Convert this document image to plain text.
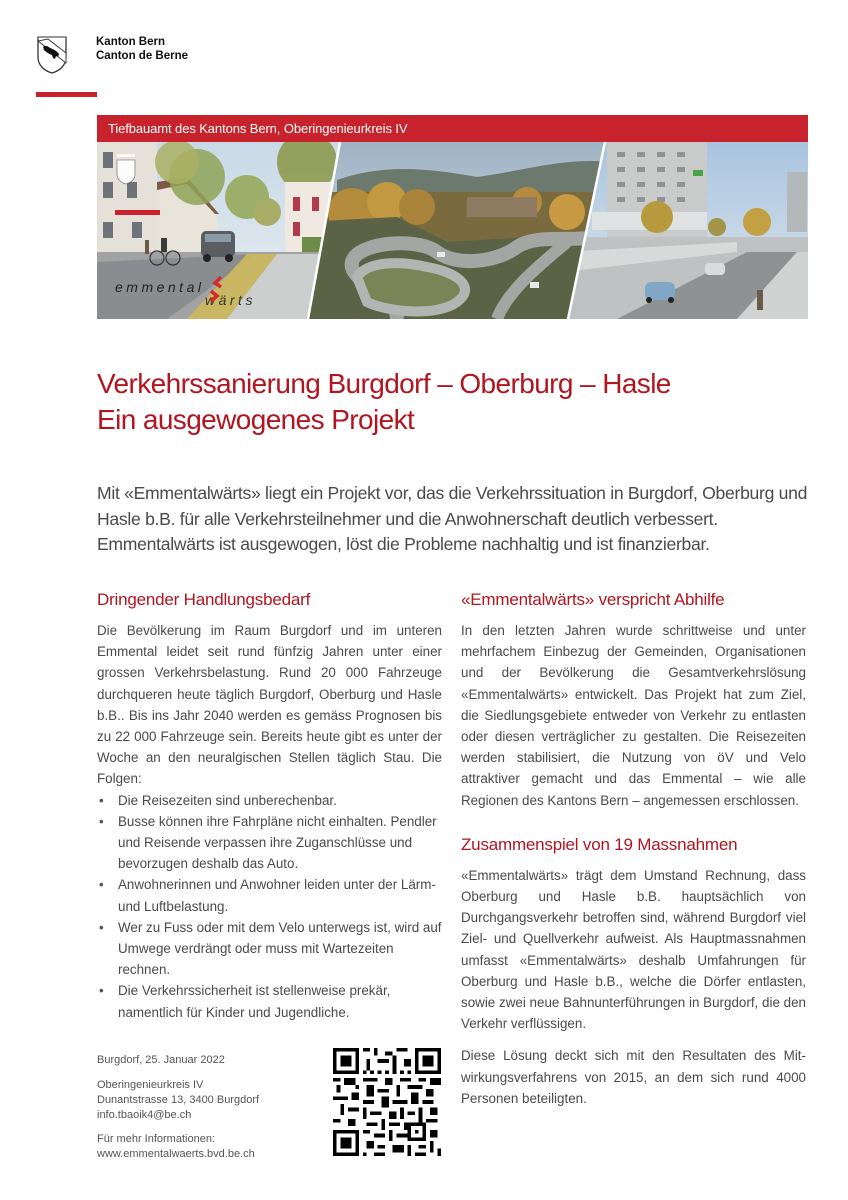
Kanton Bern
Canton de Berne
Tiefbauamt des Kantons Bern, Oberingenieurkreis IV
emmental
wärts
Verkehrssanierung Burgdorf – Oberburg – Hasle
Ein ausgewogenes Projekt
Mit «Emmentalwärts» liegt ein Projekt vor, das die Verkehrssituation in Burgdorf, Oberburg und Hasle b.B. für alle Verkehrsteilnehmer und die Anwohnerschaft deutlich verbessert. Emmentalwärts ist ausgewogen, löst die Probleme nachhaltig und ist finanzierbar.
Dringender Handlungsbedarf

Die Bevölkerung im Raum Burgdorf und im unteren Emmental leidet seit rund fünfzig Jahren unter einer grossen Verkehrsbelastung. Rund 20 000 Fahrzeuge durchqueren heute täglich Burgdorf, Oberburg und Hasle b.B.. Bis ins Jahr 2040 werden es gemäss Prognosen bis zu 22 000 Fahrzeuge sein. Bereits heute gibt es unter der Woche an den neuralgischen Stellen täglich Stau. Die Folgen:

• Die Reisezeiten sind unberechenbar.
• Busse können ihre Fahrpläne nicht einhalten. Pendler und Reisende verpassen ihre Zuganschlüsse und bevorzugen deshalb das Auto.
• Anwohnerinnen und Anwohner leiden unter der Lärm- und Luftbelastung.
• Wer zu Fuss oder mit dem Velo unterwegs ist, wird auf Umwege verdrängt oder muss mit Wartezeiten rechnen.
• Die Verkehrssicherheit ist stellenweise prekär, namentlich für Kinder und Jugendliche.
«Emmentalwärts» verspricht Abhilfe

In den letzten Jahren wurde schrittweise und unter mehrfachem Einbezug der Gemeinden, Organisationen und der Bevölkerung die Gesamtverkehrslösung «Emmentalwärts» entwickelt. Das Projekt hat zum Ziel, die Siedlungsgebiete entweder von Verkehr zu entlasten oder diesen verträglicher zu gestalten. Die Reisezeiten werden stabilisiert, die Nutzung von öV und Velo attraktiver gemacht und das Emmental – wie alle Regionen des Kantons Bern – angemessen erschlossen.

Zusammenspiel von 19 Massnahmen

«Emmentalwärts» trägt dem Umstand Rechnung, dass Oberburg und Hasle b.B. hauptsächlich von Durchgangsverkehr betroffen sind, während Burgdorf viel Ziel- und Quellverkehr aufweist. Als Hauptmassnahmen umfasst «Emmentalwärts» deshalb Umfahrungen für Oberburg und Hasle b.B., welche die Dörfer entlasten, sowie zwei neue Bahnunterführungen in Burgdorf, die den Verkehr verflüssigen.

Diese Lösung deckt sich mit den Resultaten des Mitwirkungsverfahrens von 2015, an dem sich rund 4000 Personen beteiligten.

Burgdorf, 25. Januar 2022
Oberingenieurkreis IV
Dunantstrasse 13, 3400 Burgdorf
info.tbaoik4@be.ch
Für mehr Informationen:
www.emmentalwaerts.bvd.be.ch
